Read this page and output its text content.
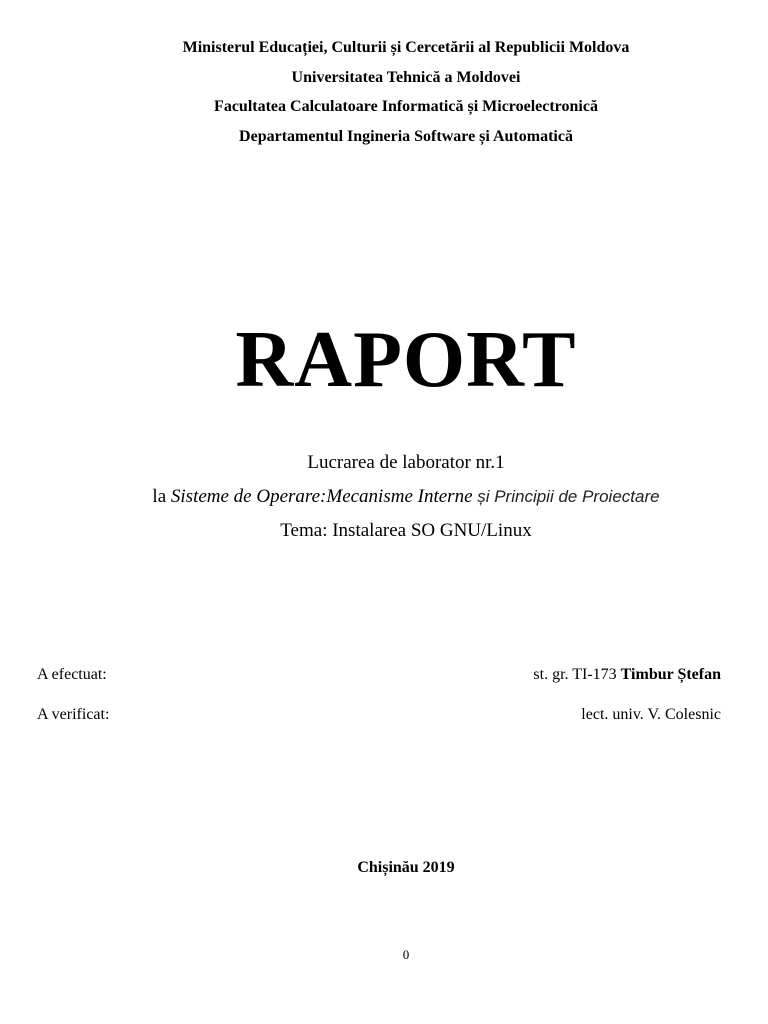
Ministerul Educației, Culturii și Cercetării al Republicii Moldova
Universitatea Tehnică a Moldovei
Facultatea Calculatoare Informatică și Microelectronică
Departamentul Ingineria Software și Automatică
RAPORT
Lucrarea de laborator nr.1
la Sisteme de Operare:Mecanisme Interne și Principii de Proiectare
Tema: Instalarea SO GNU/Linux
A efectuat:	st. gr. TI-173 Timbur Ștefan
A verificat:	lect. univ. V. Colesnic
Chișinău 2019
0
